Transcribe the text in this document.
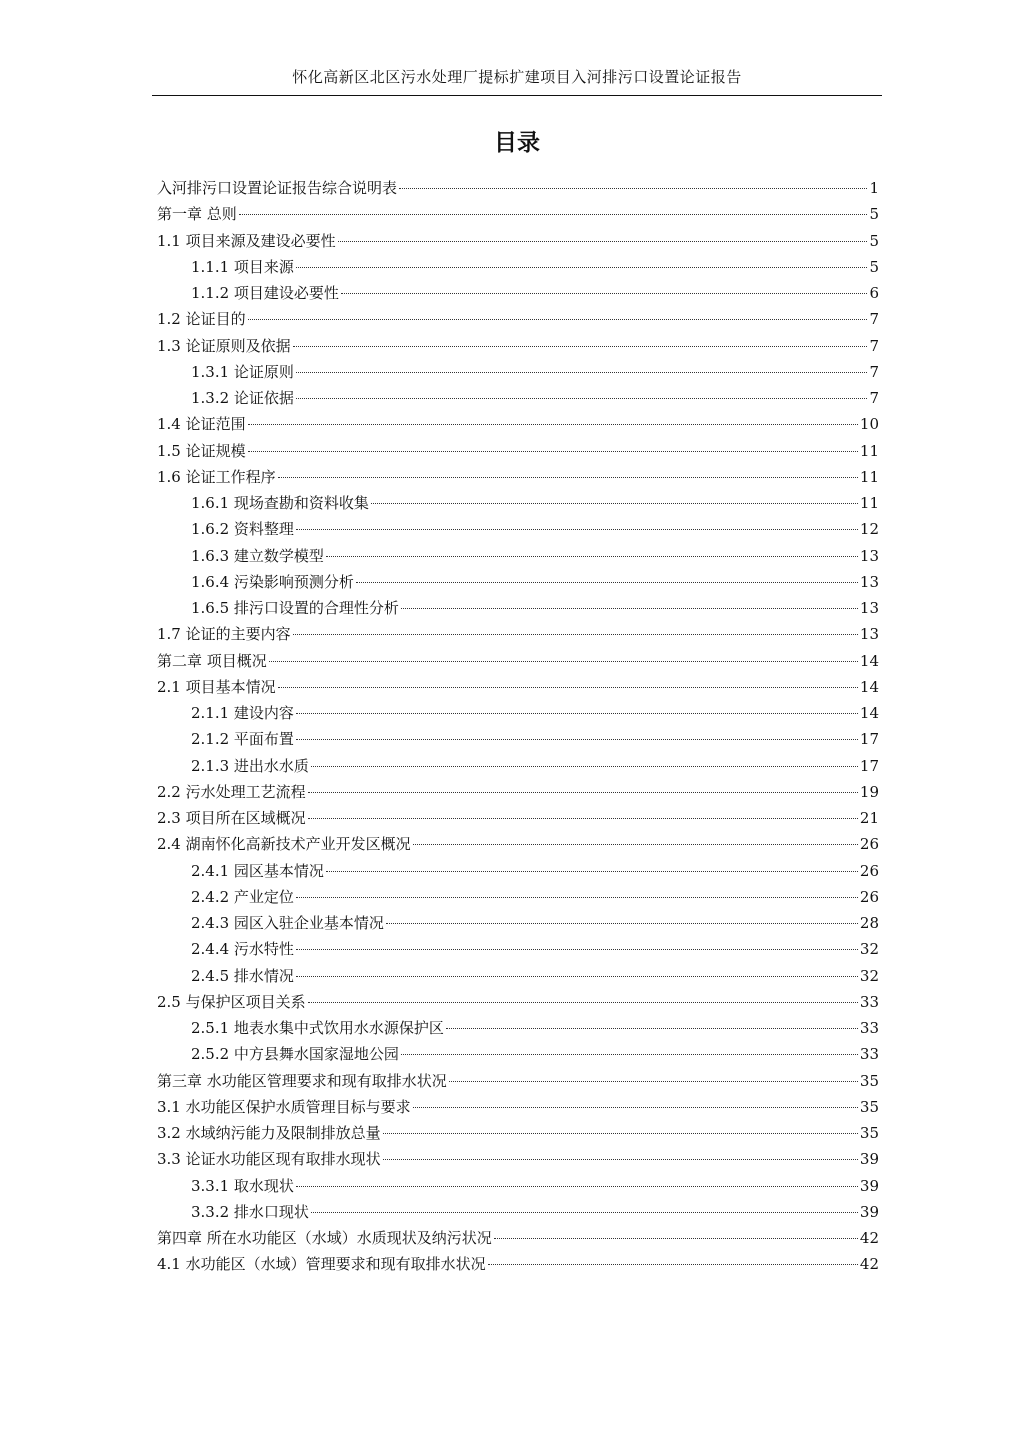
怀化高新区北区污水处理厂提标扩建项目入河排污口设置论证报告
目录
入河排污口设置论证报告综合说明表	1
第一章 总则	5
1.1 项目来源及建设必要性	5
1.1.1 项目来源	5
1.1.2 项目建设必要性	6
1.2 论证目的	7
1.3 论证原则及依据	7
1.3.1 论证原则	7
1.3.2 论证依据	7
1.4 论证范围	10
1.5 论证规模	11
1.6 论证工作程序	11
1.6.1 现场查勘和资料收集	11
1.6.2 资料整理	12
1.6.3 建立数学模型	13
1.6.4 污染影响预测分析	13
1.6.5 排污口设置的合理性分析	13
1.7 论证的主要内容	13
第二章 项目概况	14
2.1 项目基本情况	14
2.1.1 建设内容	14
2.1.2 平面布置	17
2.1.3 进出水水质	17
2.2 污水处理工艺流程	19
2.3 项目所在区域概况	21
2.4 湖南怀化高新技术产业开发区概况	26
2.4.1 园区基本情况	26
2.4.2 产业定位	26
2.4.3 园区入驻企业基本情况	28
2.4.4 污水特性	32
2.4.5 排水情况	32
2.5 与保护区项目关系	33
2.5.1 地表水集中式饮用水水源保护区	33
2.5.2 中方县舞水国家湿地公园	33
第三章 水功能区管理要求和现有取排水状况	35
3.1 水功能区保护水质管理目标与要求	35
3.2 水域纳污能力及限制排放总量	35
3.3 论证水功能区现有取排水现状	39
3.3.1 取水现状	39
3.3.2 排水口现状	39
第四章 所在水功能区（水域）水质现状及纳污状况	42
4.1 水功能区（水域）管理要求和现有取排水状况	42
